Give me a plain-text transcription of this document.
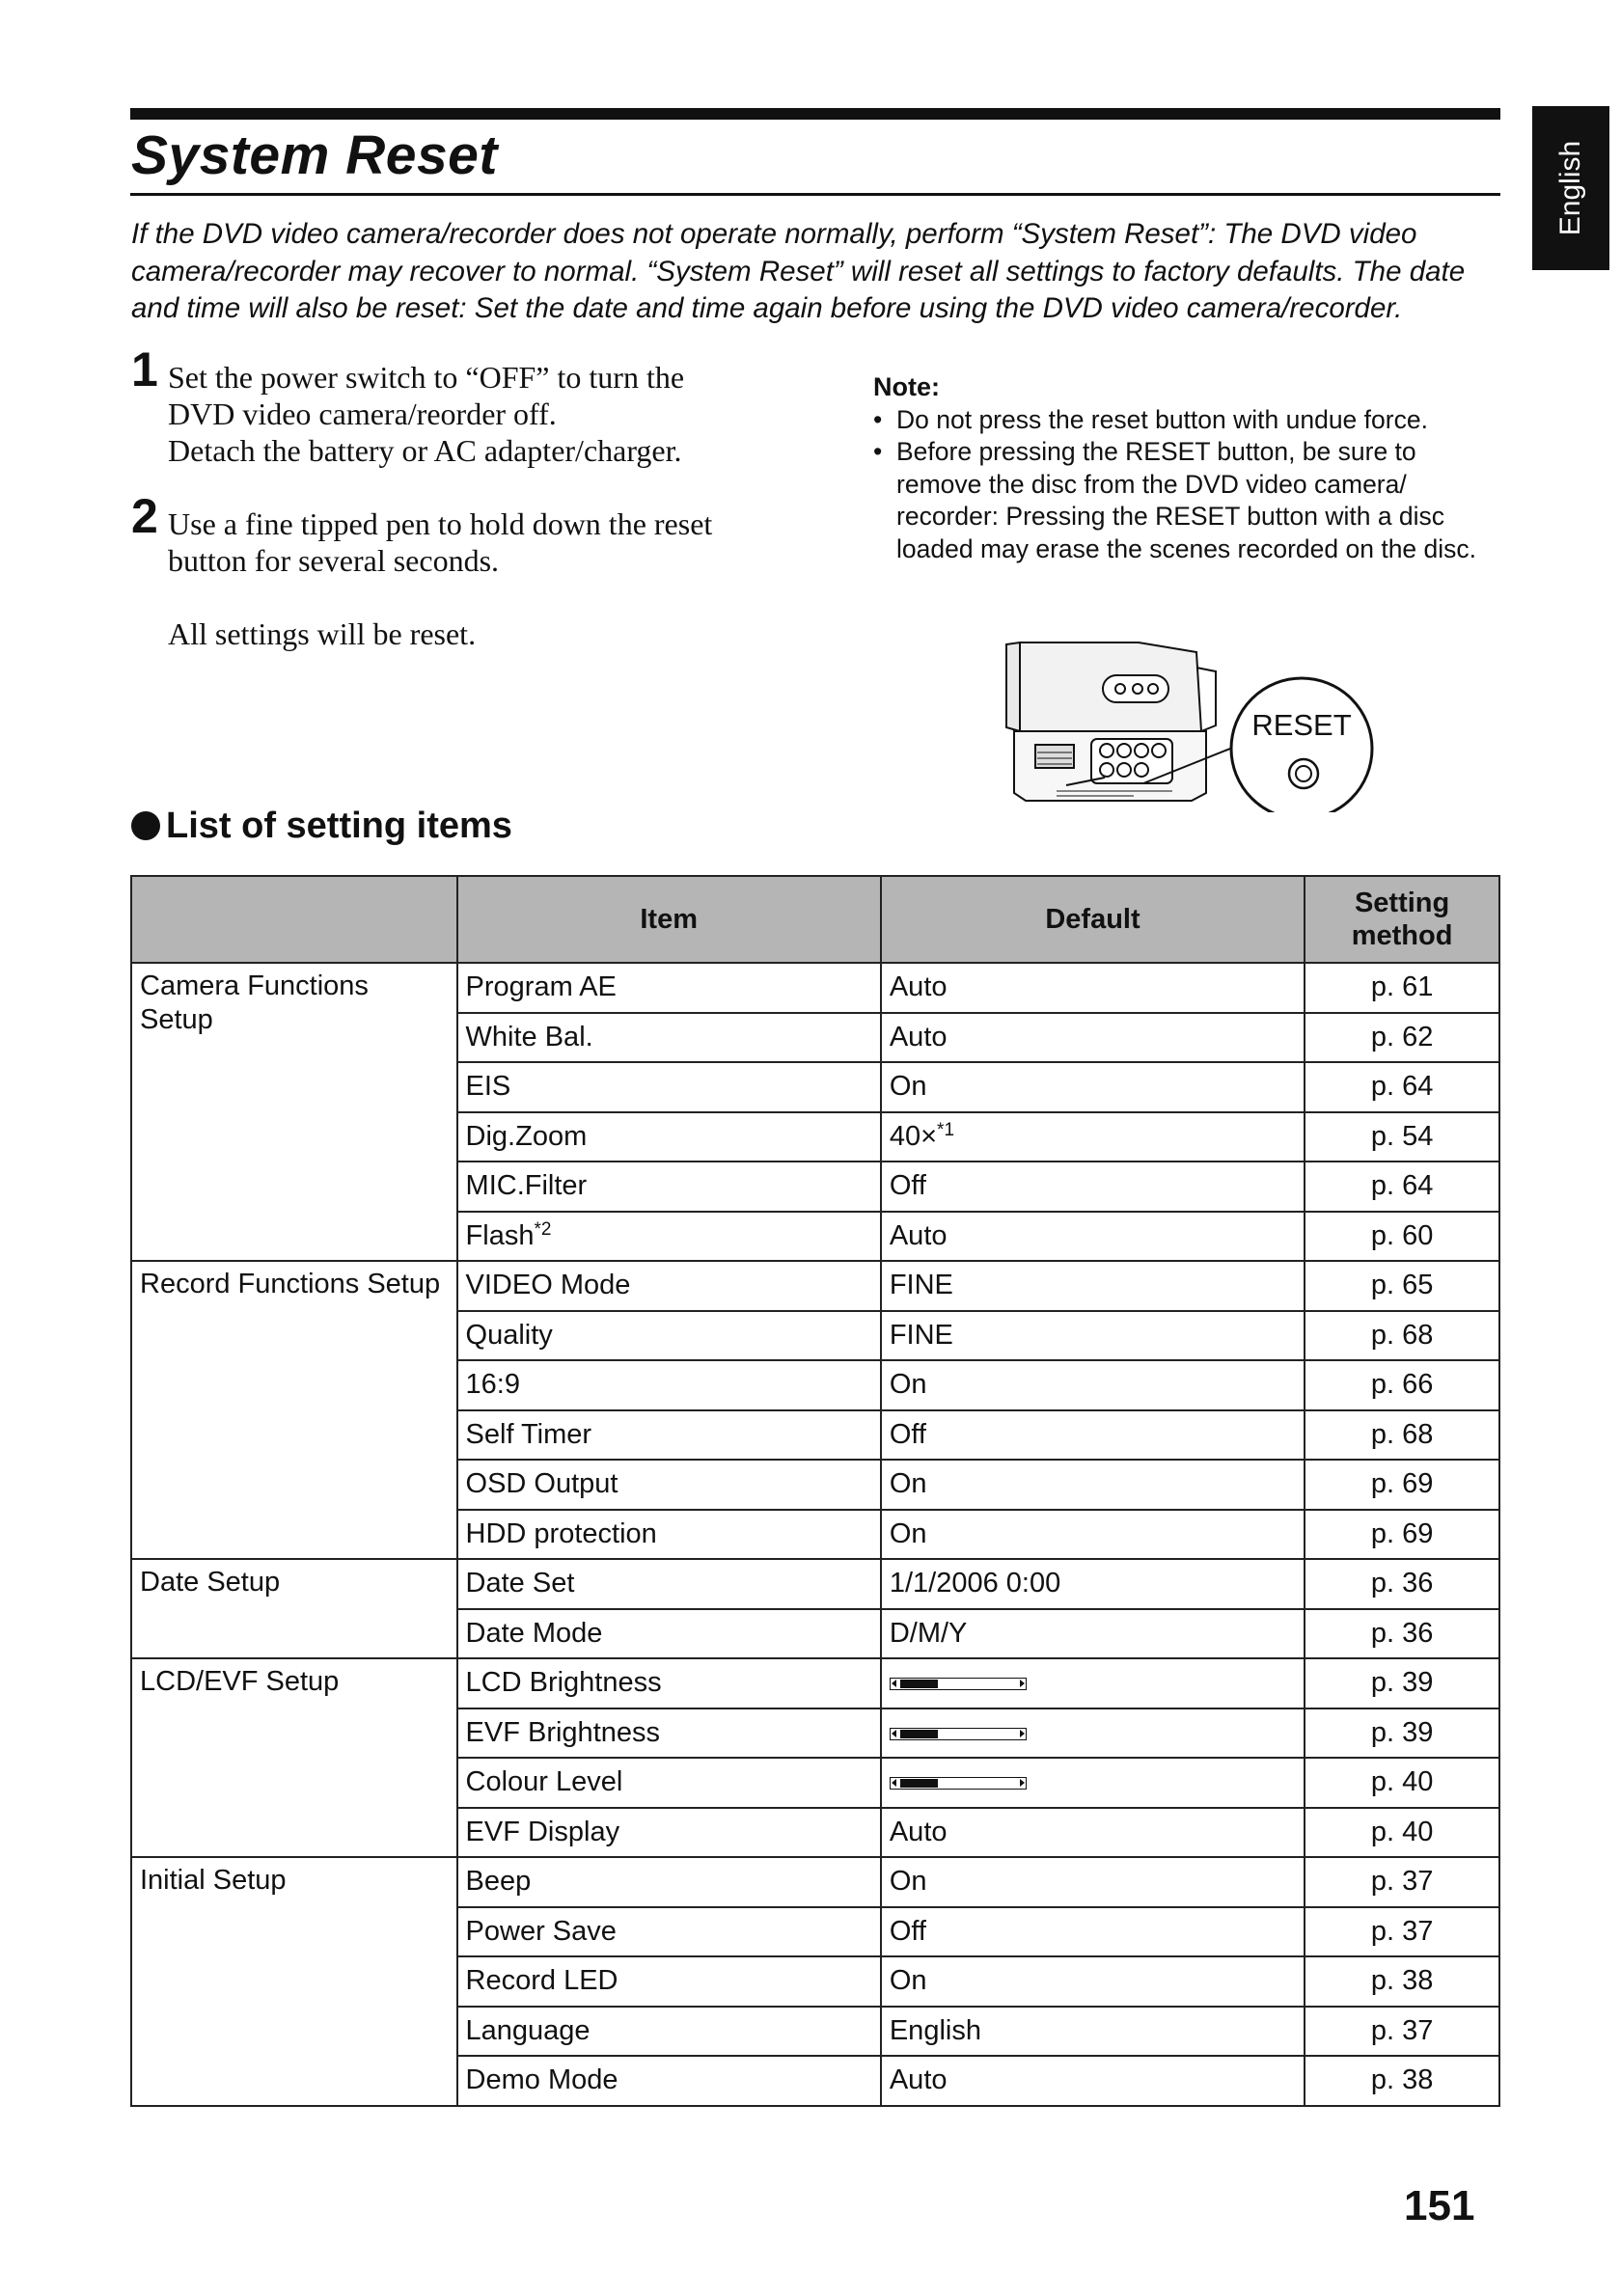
System Reset	English

If the DVD video camera/recorder does not operate normally, perform “System Reset”: The DVD video camera/recorder may recover to normal. “System Reset” will reset all settings to factory defaults. The date and time will also be reset: Set the date and time again before using the DVD video camera/recorder.

1 Set the power switch to “OFF” to turn the
DVD video camera/reorder off.
Detach the battery or AC adapter/charger.
2 Use a fine tipped pen to hold down the reset
button for several seconds.
All settings will be reset.
Note:
• Do not press the reset button with undue force.
• Before pressing the RESET button, be sure to remove the disc from the DVD video camera/ recorder: Pressing the RESET button with a disc loaded may erase the scenes recorded on the disc.
RESET
List of setting items
	Item	Default	Setting method
Camera Functions Setup	Program AE	Auto	p. 61
	White Bal.	Auto	p. 62
	EIS	On	p. 64
	Dig.Zoom	40×$^{*1}$	p. 54
	MIC.Filter	Off	p. 64
	Flash$^{*2}$	Auto	p. 60
Record Functions Setup	VIDEO Mode	FINE	p. 65
	Quality	FINE	p. 68
	16:9	On	p. 66
	Self Timer	Off	p. 68
	OSD Output	On	p. 69
	HDD protection	On	p. 69
Date Setup	Date Set	1/1/2006 0:00	p. 36
	Date Mode	D/M/Y	p. 36
LCD/EVF Setup	LCD Brightness		p. 39
	EVF Brightness		p. 39
	Colour Level		p. 40
	EVF Display	Auto	p. 40
Initial Setup	Beep	On	p. 37
	Power Save	Off	p. 37
	Record LED	On	p. 38
	Language	English	p. 37
	Demo Mode	Auto	p. 38
151
